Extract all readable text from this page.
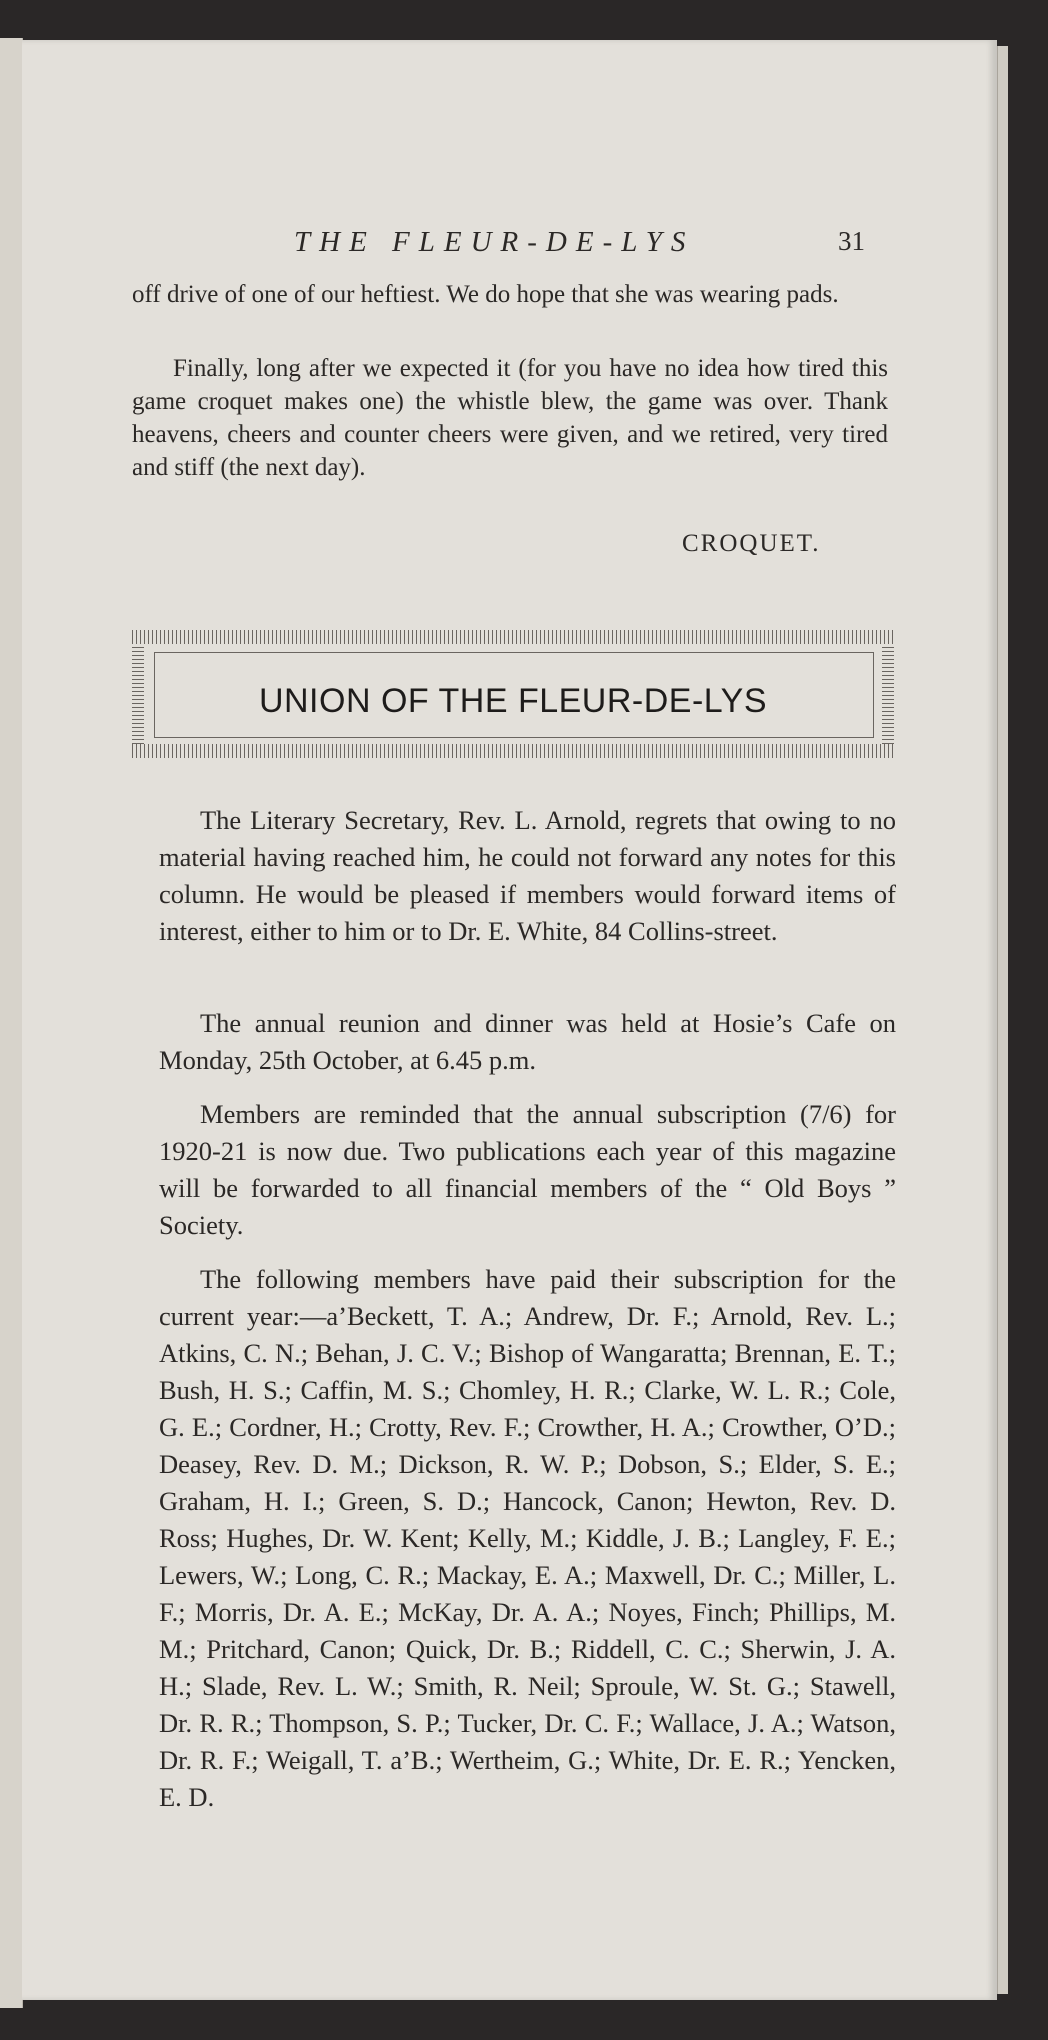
THE FLEUR-DE-LYS	31

off drive of one of our heftiest. We do hope that she was wearing pads.

Finally, long after we expected it (for you have no idea how tired this game croquet makes one) the whistle blew, the game was over. Thank heavens, cheers and counter cheers were given, and we retired, very tired and stiff (the next day).

CROQUET.
UNION OF THE FLEUR-DE-LYS

The Literary Secretary, Rev. L. Arnold, regrets that owing to no material having reached him, he could not forward any notes for this column. He would be pleased if members would forward items of interest, either to him or to Dr. E. White, 84 Collins-street.

The annual reunion and dinner was held at Hosie’s Cafe on Monday, 25th October, at 6.45 p.m.

Members are reminded that the annual subscription (7/6) for 1920-21 is now due. Two publications each year of this magazine will be forwarded to all financial members of the “ Old Boys ” Society.

The following members have paid their subscription for the current year:—a’Beckett, T. A.; Andrew, Dr. F.; Arnold, Rev. L.; Atkins, C. N.; Behan, J. C. V.; Bishop of Wangaratta; Brennan, E. T.; Bush, H. S.; Caffin, M. S.; Chomley, H. R.; Clarke, W. L. R.; Cole, G. E.; Cordner, H.; Crotty, Rev. F.; Crowther, H. A.; Crowther, O’D.; Deasey, Rev. D. M.; Dickson, R. W. P.; Dobson, S.; Elder, S. E.; Graham, H. I.; Green, S. D.; Hancock, Canon; Hewton, Rev. D. Ross; Hughes, Dr. W. Kent; Kelly, M.; Kiddle, J. B.; Langley, F. E.; Lewers, W.; Long, C. R.; Mackay, E. A.; Maxwell, Dr. C.; Miller, L. F.; Morris, Dr. A. E.; McKay, Dr. A. A.; Noyes, Finch; Phillips, M. M.; Pritchard, Canon; Quick, Dr. B.; Riddell, C. C.; Sherwin, J. A. H.; Slade, Rev. L. W.; Smith, R. Neil; Sproule, W. St. G.; Stawell, Dr. R. R.; Thompson, S. P.; Tucker, Dr. C. F.; Wallace, J. A.; Watson, Dr. R. F.; Weigall, T. a’B.; Wertheim, G.; White, Dr. E. R.; Yencken, E. D.
